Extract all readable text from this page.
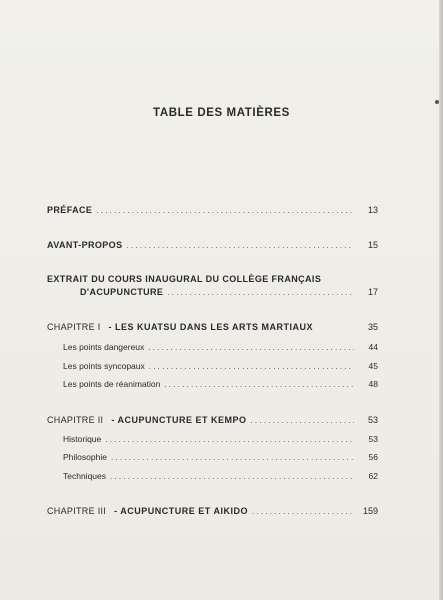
TABLE DES MATIÈRES
PRÉFACE . . .	13
AVANT-PROPOS . . .	15
EXTRAIT DU COURS INAUGURAL DU COLLÈGE FRANÇAIS
D'ACUPUNCTURE . . .	17
CHAPITRE I - LES KUATSU DANS LES ARTS MARTIAUX	35
Les points dangereux . . .	44
Les points syncopaux . . .	45
Les points de réanimation . . .	48
CHAPITRE II - ACUPUNCTURE ET KEMPO . . .	53
Historique . . .	53
Philosophie . . .	56
Techniques . . .	62
CHAPITRE III - ACUPUNCTURE ET AIKIDO . . .	159
